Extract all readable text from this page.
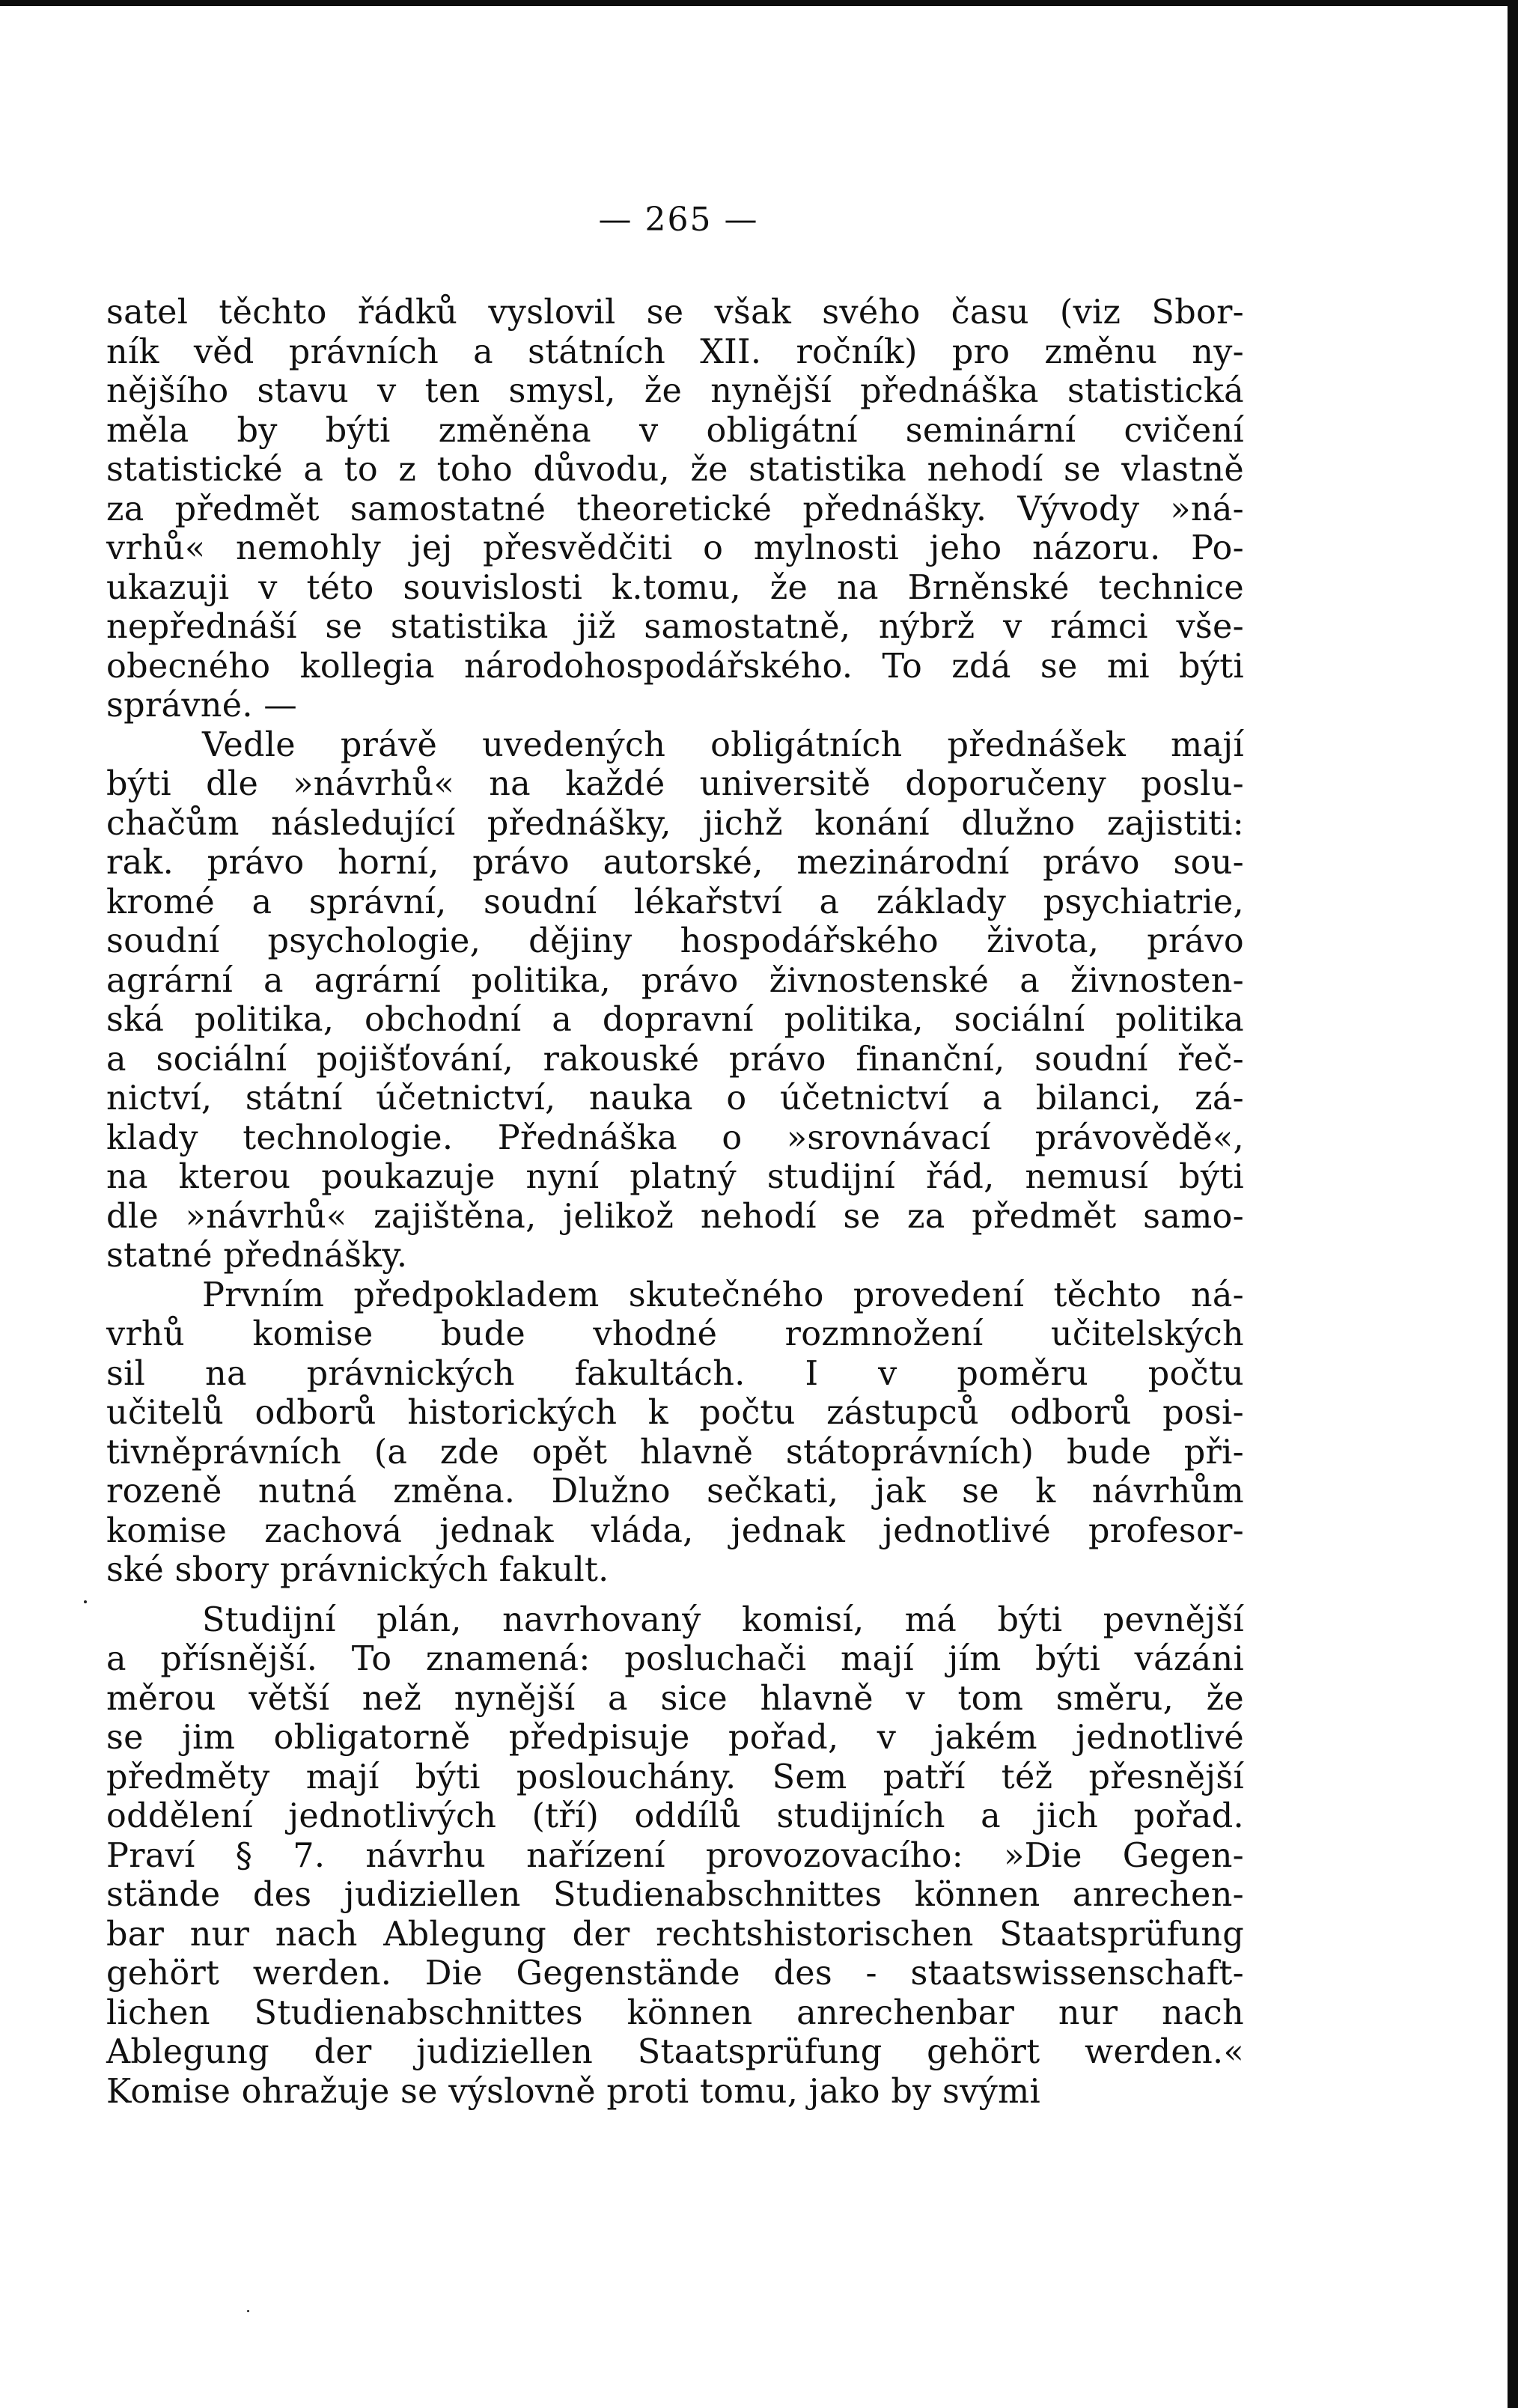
— 265 —
satel těchto řádků vyslovil se však svého času (viz Sbor-
ník věd právních a státních XII. ročník) pro změnu ny-
nějšího stavu v ten smysl, že nynější přednáška statistická
měla by býti změněna v obligátní seminární cvičení
statistické a to z toho důvodu, že statistika nehodí se vlastně
za předmět samostatné theoretické přednášky. Vývody »ná-
vrhů« nemohly jej přesvědčiti o mylnosti jeho názoru. Po-
ukazuji v této souvislosti k.tomu, že na Brněnské technice
nepřednáší se statistika již samostatně, nýbrž v rámci vše-
obecného kollegia národohospodářského. To zdá se mi býti
správné. —
Vedle právě uvedených obligátních přednášek mají
býti dle »návrhů« na každé universitě doporučeny poslu-
chačům následující přednášky, jichž konání dlužno zajistiti:
rak. právo horní, právo autorské, mezinárodní právo sou-
kromé a správní, soudní lékařství a základy psychiatrie,
soudní psychologie, dějiny hospodářského života, právo
agrární a agrární politika, právo živnostenské a živnosten-
ská politika, obchodní a dopravní politika, sociální politika
a sociální pojišťování, rakouské právo finanční, soudní řeč-
nictví, státní účetnictví, nauka o účetnictví a bilanci, zá-
klady technologie. Přednáška o »srovnávací právovědě«,
na kterou poukazuje nyní platný studijní řád, nemusí býti
dle »návrhů« zajištěna, jelikož nehodí se za předmět samo-
statné přednášky.
Prvním předpokladem skutečného provedení těchto ná-
vrhů komise bude vhodné rozmnožení učitelských
sil na právnických fakultách. I v poměru počtu
učitelů odborů historických k počtu zástupců odborů posi-
tivněprávních (a zde opět hlavně státoprávních) bude při-
rozeně nutná změna. Dlužno sečkati, jak se k návrhům
komise zachová jednak vláda, jednak jednotlivé profesor-
ské sbory právnických fakult.
Studijní plán, navrhovaný komisí, má býti pevnější
a přísnější. To znamená: posluchači mají jím býti vázáni
měrou větší než nynější a sice hlavně v tom směru, že
se jim obligatorně předpisuje pořad, v jakém jednotlivé
předměty mají býti poslouchány. Sem patří též přesnější
oddělení jednotlivých (tří) oddílů studijních a jich pořad.
Praví § 7. návrhu nařízení provozovacího: »Die Gegen-
stände des judiziellen Studienabschnittes können anrechen-
bar nur nach Ablegung der rechtshistorischen Staatsprüfung
gehört werden. Die Gegenstände des - staatswissenschaft-
lichen Studienabschnittes können anrechenbar nur nach
Ablegung der judiziellen Staatsprüfung gehört werden.«
Komise ohražuje se výslovně proti tomu, jako by svými
